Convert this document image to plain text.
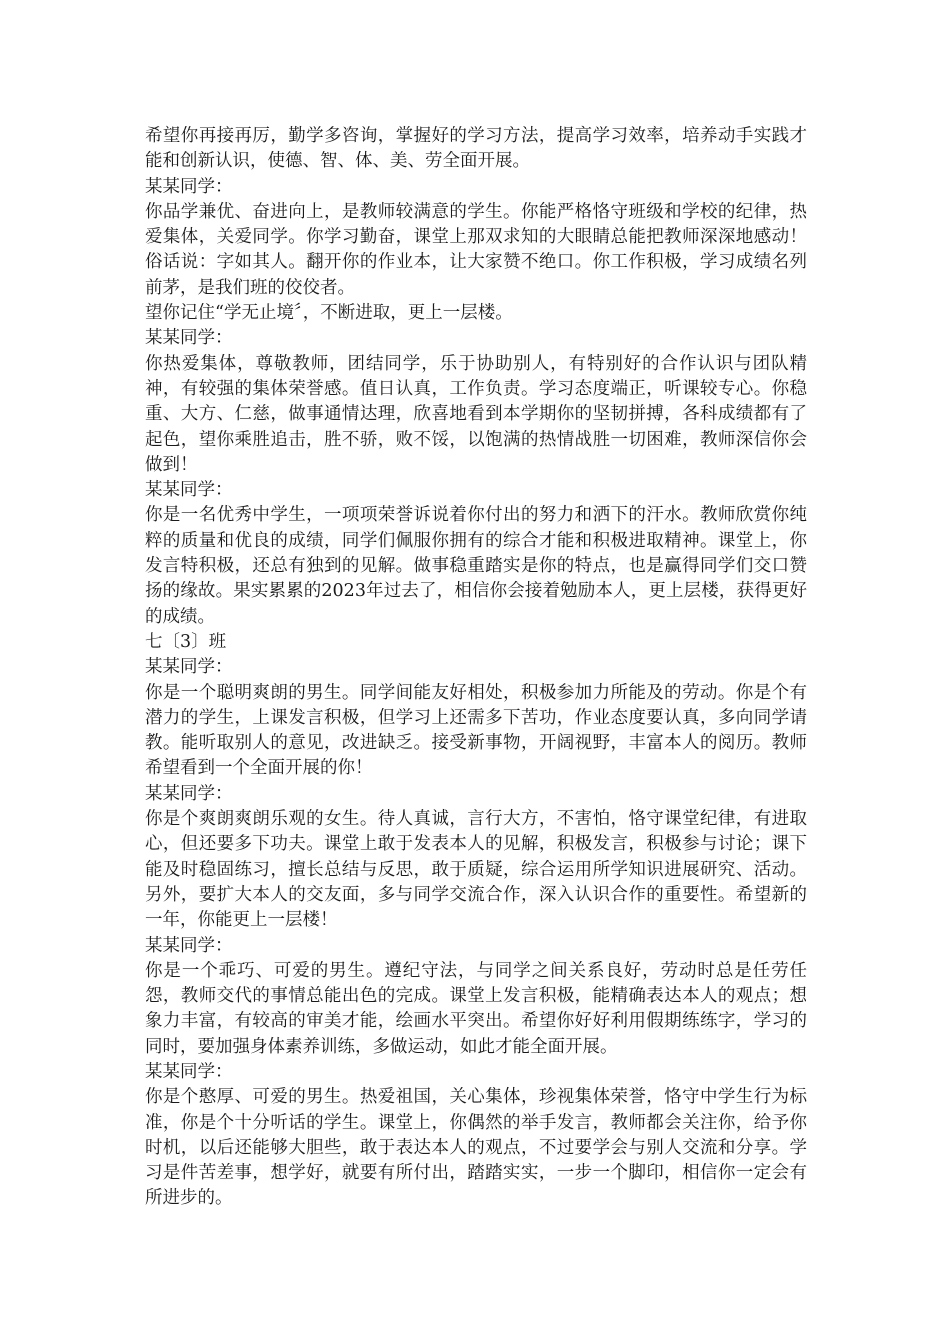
希望你再接再厉，勤学多咨询，掌握好的学习方法，提高学习效率，培养动手实践才能和创新认识，使德、智、体、美、劳全面开展。

某某同学：

你品学兼优、奋进向上，是教师较满意的学生。你能严格恪守班级和学校的纪律，热爱集体，关爱同学。你学习勤奋，课堂上那双求知的大眼睛总能把教师深深地感动！俗话说：字如其人。翻开你的作业本，让大家赞不绝口。你工作积极，学习成绩名列前茅，是我们班的佼佼者。

望你记住“学无止境〞，不断进取，更上一层楼。

某某同学：

你热爱集体，尊敬教师，团结同学，乐于协助别人，有特别好的合作认识与团队精神，有较强的集体荣誉感。值日认真，工作负责。学习态度端正，听课较专心。你稳重、大方、仁慈，做事通情达理，欣喜地看到本学期你的坚韧拼搏，各科成绩都有了起色，望你乘胜追击，胜不骄，败不馁，以饱满的热情战胜一切困难，教师深信你会做到！

某某同学：

你是一名优秀中学生，一项项荣誉诉说着你付出的努力和洒下的汗水。教师欣赏你纯粹的质量和优良的成绩，同学们佩服你拥有的综合才能和积极进取精神。课堂上，你发言特积极，还总有独到的见解。做事稳重踏实是你的特点，也是赢得同学们交口赞扬的缘故。果实累累的2023年过去了，相信你会接着勉励本人，更上层楼，获得更好的成绩。

七〔3〕班

某某同学：

你是一个聪明爽朗的男生。同学间能友好相处，积极参加力所能及的劳动。你是个有潜力的学生，上课发言积极，但学习上还需多下苦功，作业态度要认真，多向同学请教。能听取别人的意见，改进缺乏。接受新事物，开阔视野，丰富本人的阅历。教师希望看到一个全面开展的你！

某某同学：

你是个爽朗爽朗乐观的女生。待人真诚，言行大方，不害怕，恪守课堂纪律，有进取心，但还要多下功夫。课堂上敢于发表本人的见解，积极发言，积极参与讨论；课下能及时稳固练习，擅长总结与反思，敢于质疑，综合运用所学知识进展研究、活动。另外，要扩大本人的交友面，多与同学交流合作，深入认识合作的重要性。希望新的一年，你能更上一层楼！

某某同学：

你是一个乖巧、可爱的男生。遵纪守法，与同学之间关系良好，劳动时总是任劳任怨，教师交代的事情总能出色的完成。课堂上发言积极，能精确表达本人的观点；想象力丰富，有较高的审美才能，绘画水平突出。希望你好好利用假期练练字，学习的同时，要加强身体素养训练，多做运动，如此才能全面开展。

某某同学：

你是个憨厚、可爱的男生。热爱祖国，关心集体，珍视集体荣誉，恪守中学生行为标准，你是个十分听话的学生。课堂上，你偶然的举手发言，教师都会关注你，给予你时机，以后还能够大胆些，敢于表达本人的观点，不过要学会与别人交流和分享。学习是件苦差事，想学好，就要有所付出，踏踏实实，一步一个脚印，相信你一定会有所进步的。
